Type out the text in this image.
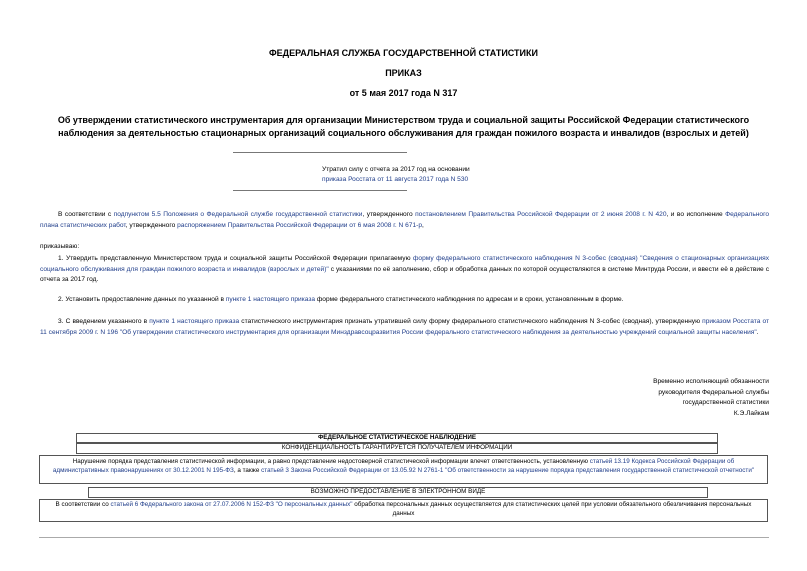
ФЕДЕРАЛЬНАЯ СЛУЖБА ГОСУДАРСТВЕННОЙ СТАТИСТИКИ
ПРИКАЗ
от 5 мая 2017 года N 317
Об утверждении статистического инструментария для организации Министерством труда и социальной защиты Российской Федерации статистического наблюдения за деятельностью стационарных организаций социального обслуживания для граждан пожилого возраста и инвалидов (взрослых и детей)
Утратил силу с отчета за 2017 год на основании
приказа Росстата от 11 августа 2017 года N 530
В соответствии с подпунктом 5.5 Положения о Федеральной службе государственной статистики, утвержденного постановлением Правительства Российской Федерации от 2 июня 2008 г. N 420, и во исполнение Федерального плана статистических работ, утвержденного распоряжением Правительства Российской Федерации от 6 мая 2008 г. N 671-р,
приказываю:
1. Утвердить представленную Министерством труда и социальной защиты Российской Федерации прилагаемую форму федерального статистического наблюдения N 3-собес (сводная) "Сведения о стационарных организациях социального обслуживания для граждан пожилого возраста и инвалидов (взрослых и детей)" с указаниями по её заполнению, сбор и обработка данных по которой осуществляются в системе Минтруда России, и ввести её в действие с отчета за 2017 год.
2. Установить предоставление данных по указанной в пункте 1 настоящего приказа форме федерального статистического наблюдения по адресам и в сроки, установленным в форме.
3. С введением указанного в пункте 1 настоящего приказа статистического инструментария признать утратившей силу форму федерального статистического наблюдения N 3-собес (сводная), утвержденную приказом Росстата от 11 сентября 2009 г. N 196 "Об утверждении статистического инструментария для организации Минздравсоцразвития России федерального статистического наблюдения за деятельностью учреждений социальной защиты населения".
Временно исполняющий обязанности
руководителя Федеральной службы
государственной статистики
К.Э.Лайкам
ФЕДЕРАЛЬНОЕ СТАТИСТИЧЕСКОЕ НАБЛЮДЕНИЕ
КОНФИДЕНЦИАЛЬНОСТЬ ГАРАНТИРУЕТСЯ ПОЛУЧАТЕЛЕМ ИНФОРМАЦИИ
Нарушение порядка представления статистической информации, а равно представление недостоверной статистической информации влечет ответственность, установленную статьей 13.19 Кодекса Российской Федерации об административных правонарушениях от 30.12.2001 N 195-ФЗ, а также статьей 3 Закона Российской Федерации от 13.05.92 N 2761-1 "Об ответственности за нарушение порядка представления государственной статистической отчетности"
ВОЗМОЖНО ПРЕДОСТАВЛЕНИЕ В ЭЛЕКТРОННОМ ВИДЕ
В соответствии со статьей 6 Федерального закона от 27.07.2006 N 152-ФЗ "О персональных данных" обработка персональных данных осуществляется для статистических целей при условии обязательного обезличивания персональных данных
